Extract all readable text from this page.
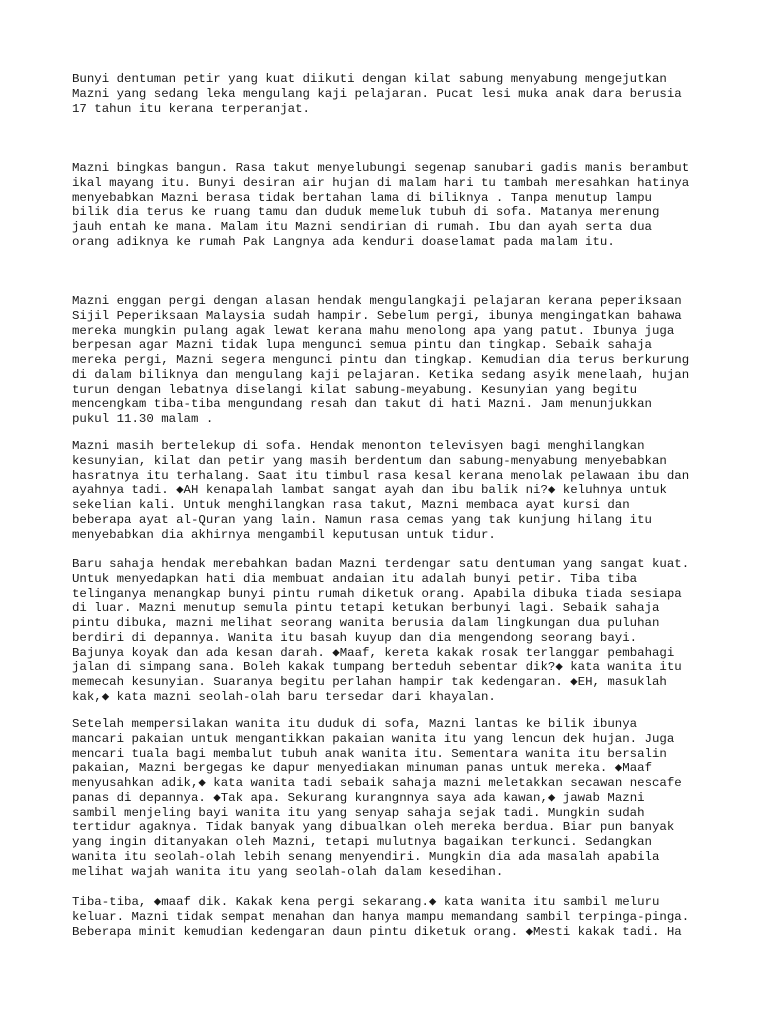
Bunyi dentuman petir yang kuat diikuti dengan kilat sabung menyabung mengejutkan
Mazni yang sedang leka mengulang kaji pelajaran. Pucat lesi muka anak dara berusia
17 tahun itu kerana terperanjat.

Mazni bingkas bangun. Rasa takut menyelubungi segenap sanubari gadis manis berambut
ikal mayang itu. Bunyi desiran air hujan di malam hari tu tambah meresahkan hatinya
menyebabkan Mazni berasa tidak bertahan lama di biliknya . Tanpa menutup lampu
bilik dia terus ke ruang tamu dan duduk memeluk tubuh di sofa. Matanya merenung
jauh entah ke mana. Malam itu Mazni sendirian di rumah. Ibu dan ayah serta dua
orang adiknya ke rumah Pak Langnya ada kenduri doaselamat pada malam itu.

Mazni enggan pergi dengan alasan hendak mengulangkaji pelajaran kerana peperiksaan
Sijil Peperiksaan Malaysia sudah hampir. Sebelum pergi, ibunya mengingatkan bahawa
mereka mungkin pulang agak lewat kerana mahu menolong apa yang patut. Ibunya juga
berpesan agar Mazni tidak lupa mengunci semua pintu dan tingkap. Sebaik sahaja
mereka pergi, Mazni segera mengunci pintu dan tingkap. Kemudian dia terus berkurung
di dalam biliknya dan mengulang kaji pelajaran. Ketika sedang asyik menelaah, hujan
turun dengan lebatnya diselangi kilat sabung-meyabung. Kesunyian yang begitu
mencengkam tiba-tiba mengundang resah dan takut di hati Mazni. Jam menunjukkan
pukul 11.30 malam .

Mazni masih bertelekup di sofa. Hendak menonton televisyen bagi menghilangkan
kesunyian, kilat dan petir yang masih berdentum dan sabung-menyabung menyebabkan
hasratnya itu terhalang. Saat itu timbul rasa kesal kerana menolak pelawaan ibu dan
ayahnya tadi. ◆AH kenapalah lambat sangat ayah dan ibu balik ni?◆ keluhnya untuk
sekelian kali. Untuk menghilangkan rasa takut, Mazni membaca ayat kursi dan
beberapa ayat al-Quran yang lain. Namun rasa cemas yang tak kunjung hilang itu
menyebabkan dia akhirnya mengambil keputusan untuk tidur.

Baru sahaja hendak merebahkan badan Mazni terdengar satu dentuman yang sangat kuat.
Untuk menyedapkan hati dia membuat andaian itu adalah bunyi petir. Tiba tiba
telinganya menangkap bunyi pintu rumah diketuk orang. Apabila dibuka tiada sesiapa
di luar. Mazni menutup semula pintu tetapi ketukan berbunyi lagi. Sebaik sahaja
pintu dibuka, mazni melihat seorang wanita berusia dalam lingkungan dua puluhan
berdiri di depannya. Wanita itu basah kuyup dan dia mengendong seorang bayi.
Bajunya koyak dan ada kesan darah. ◆Maaf, kereta kakak rosak terlanggar pembahagi
jalan di simpang sana. Boleh kakak tumpang berteduh sebentar dik?◆ kata wanita itu
memecah kesunyian. Suaranya begitu perlahan hampir tak kedengaran. ◆EH, masuklah
kak,◆ kata mazni seolah-olah baru tersedar dari khayalan.

Setelah mempersilakan wanita itu duduk di sofa, Mazni lantas ke bilik ibunya
mancari pakaian untuk mengantikkan pakaian wanita itu yang lencun dek hujan. Juga
mencari tuala bagi membalut tubuh anak wanita itu. Sementara wanita itu bersalin
pakaian, Mazni bergegas ke dapur menyediakan minuman panas untuk mereka. ◆Maaf
menyusahkan adik,◆ kata wanita tadi sebaik sahaja mazni meletakkan secawan nescafe
panas di depannya. ◆Tak apa. Sekurang kurangnnya saya ada kawan,◆ jawab Mazni
sambil menjeling bayi wanita itu yang senyap sahaja sejak tadi. Mungkin sudah
tertidur agaknya. Tidak banyak yang dibualkan oleh mereka berdua. Biar pun banyak
yang ingin ditanyakan oleh Mazni, tetapi mulutnya bagaikan terkunci. Sedangkan
wanita itu seolah-olah lebih senang menyendiri. Mungkin dia ada masalah apabila
melihat wajah wanita itu yang seolah-olah dalam kesedihan.

Tiba-tiba, ◆maaf dik. Kakak kena pergi sekarang.◆ kata wanita itu sambil meluru
keluar. Mazni tidak sempat menahan dan hanya mampu memandang sambil terpinga-pinga.
Beberapa minit kemudian kedengaran daun pintu diketuk orang. ◆Mesti kakak tadi. Ha
